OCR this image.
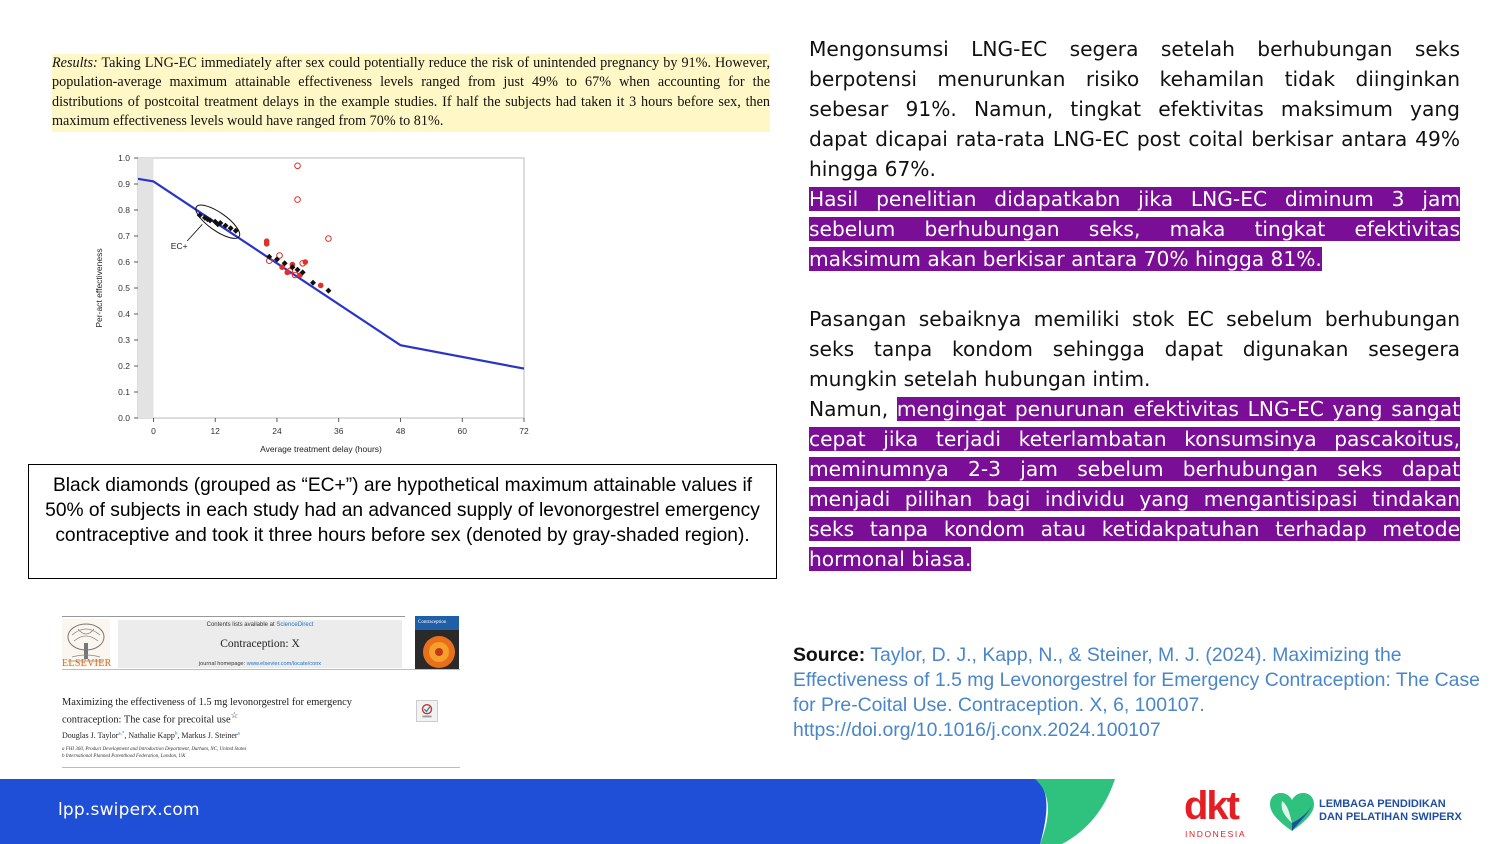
Results: Taking LNG-EC immediately after sex could potentially reduce the risk of unintended pregnancy by 91%. However, population-average maximum attainable effectiveness levels ranged from just 49% to 67% when accounting for the distributions of postcoital treatment delays in the example studies. If half the subjects had taken it 3 hours before sex, then maximum effectiveness levels would have ranged from 70% to 81%.
0.0
0.1
0.2
0.3
0.4
0.5
0.6
0.7
0.8
0.9
1.0
0	12	24	36	48	60	72
Average treatment delay (hours)
Per-act effectiveness
EC+
Black diamonds (grouped as “EC+”) are hypothetical maximum attainable values if 50% of subjects in each study had an advanced supply of levonorgestrel emergency contraceptive and took it three hours before sex (denoted by gray-shaded region).
ELSEVIER
Contents lists available at ScienceDirect
Contraception: X
journal homepage: www.elsevier.com/locate/conx
Contraception
Maximizing the effectiveness of 1.5 mg levonorgestrel for emergency contraception: The case for precoital use☆
Douglas J. Taylor$^{a,*}$, Nathalie Kapp$^b$, Markus J. Steiner$^a$
a FHI 360, Product Development and Introduction Department, Durham, NC, United States
b International Planned Parenthood Federation, London, UK

Mengonsumsi LNG-EC segera setelah berhubungan seks berpotensi menurunkan risiko kehamilan tidak diinginkan sebesar 91%. Namun, tingkat efektivitas maksimum yang dapat dicapai rata-rata LNG-EC post coital berkisar antara 49% hingga 67%.

Hasil penelitian didapatkabn jika LNG-EC diminum 3 jam sebelum berhubungan seks, maka tingkat efektivitas maksimum akan berkisar antara 70% hingga 81%.

Pasangan sebaiknya memiliki stok EC sebelum berhubungan seks tanpa kondom sehingga dapat digunakan sesegera mungkin setelah hubungan intim.

Namun, mengingat penurunan efektivitas LNG-EC yang sangat cepat jika terjadi keterlambatan konsumsinya pascakoitus, meminumnya 2-3 jam sebelum berhubungan seks dapat menjadi pilihan bagi individu yang mengantisipasi tindakan seks tanpa kondom atau ketidakpatuhan terhadap metode hormonal biasa.

Source: Taylor, D. J., Kapp, N., & Steiner, M. J. (2024). Maximizing the Effectiveness of 1.5 mg Levonorgestrel for Emergency Contraception: The Case for Pre-Coital Use. Contraception. X, 6, 100107. https://doi.org/10.1016/j.conx.2024.100107
lpp.swiperx.com	dkt
INDONESIA
LEMBAGA PENDIDIKAN
DAN PELATIHAN SWIPERX
